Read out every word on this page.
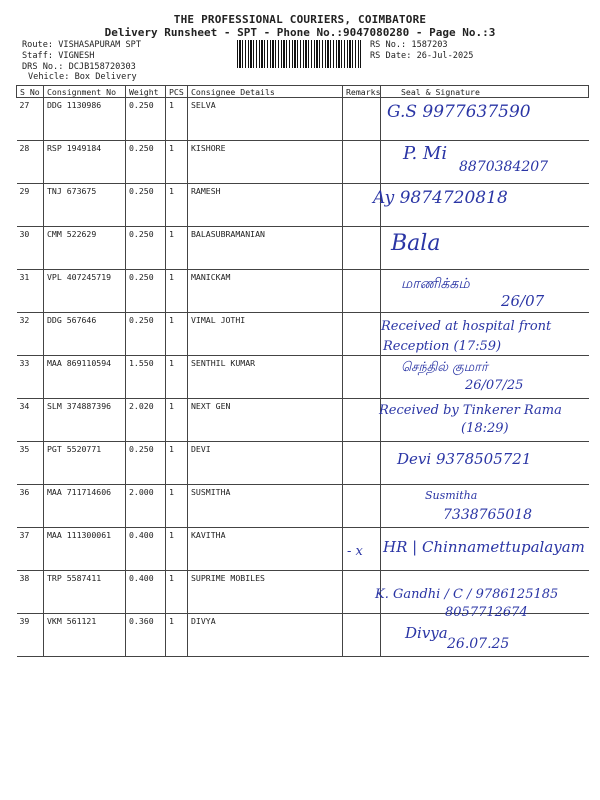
THE PROFESSIONAL COURIERS, COIMBATORE
Delivery Runsheet - SPT - Phone No.:9047080280 - Page No.:3
Route: VISHASAPURAM SPT
Staff: VIGNESH
DRS No.: DCJB158720303
Vehicle: Box Delivery
RS No.: 1587203
RS Date: 26-Jul-2025
S No	Consignment No	Weight	PCS	Consignee Details	Remarks	Seal & Signature
27	DDG 1130986	0.250	1	SELVA		G.S 9977637590

28	RSP 1949184	0.250	1	KISHORE		P. Mi
8870384207

29	TNJ 673675	0.250	1	RAMESH		Ay 9874720818

30	CMM 522629	0.250	1	BALASUBRAMANIAN		Bala

31	VPL 407245719	0.250	1	MANICKAM		மாணிக்கம்
26/07

32	DDG 567646	0.250	1	VIMAL JOTHI		Received at hospital front
Reception (17:59)

33	MAA 869110594	1.550	1	SENTHIL KUMAR		செந்தில் குமார்
26/07/25

34	SLM 374887396	2.020	1	NEXT GEN		Received by Tinkerer Rama
(18:29)

35	PGT 5520771	0.250	1	DEVI		Devi 9378505721

36	MAA 711714606	2.000	1	SUSMITHA		Susmitha
7338765018

37	MAA 111300061	0.400	1	KAVITHA	- x	HR | Chinnamettupalayam

38	TRP 5587411	0.400	1	SUPRIME MOBILES		K. Gandhi / C / 9786125185
8057712674

39	VKM 561121	0.360	1	DIVYA		Divya
26.07.25
